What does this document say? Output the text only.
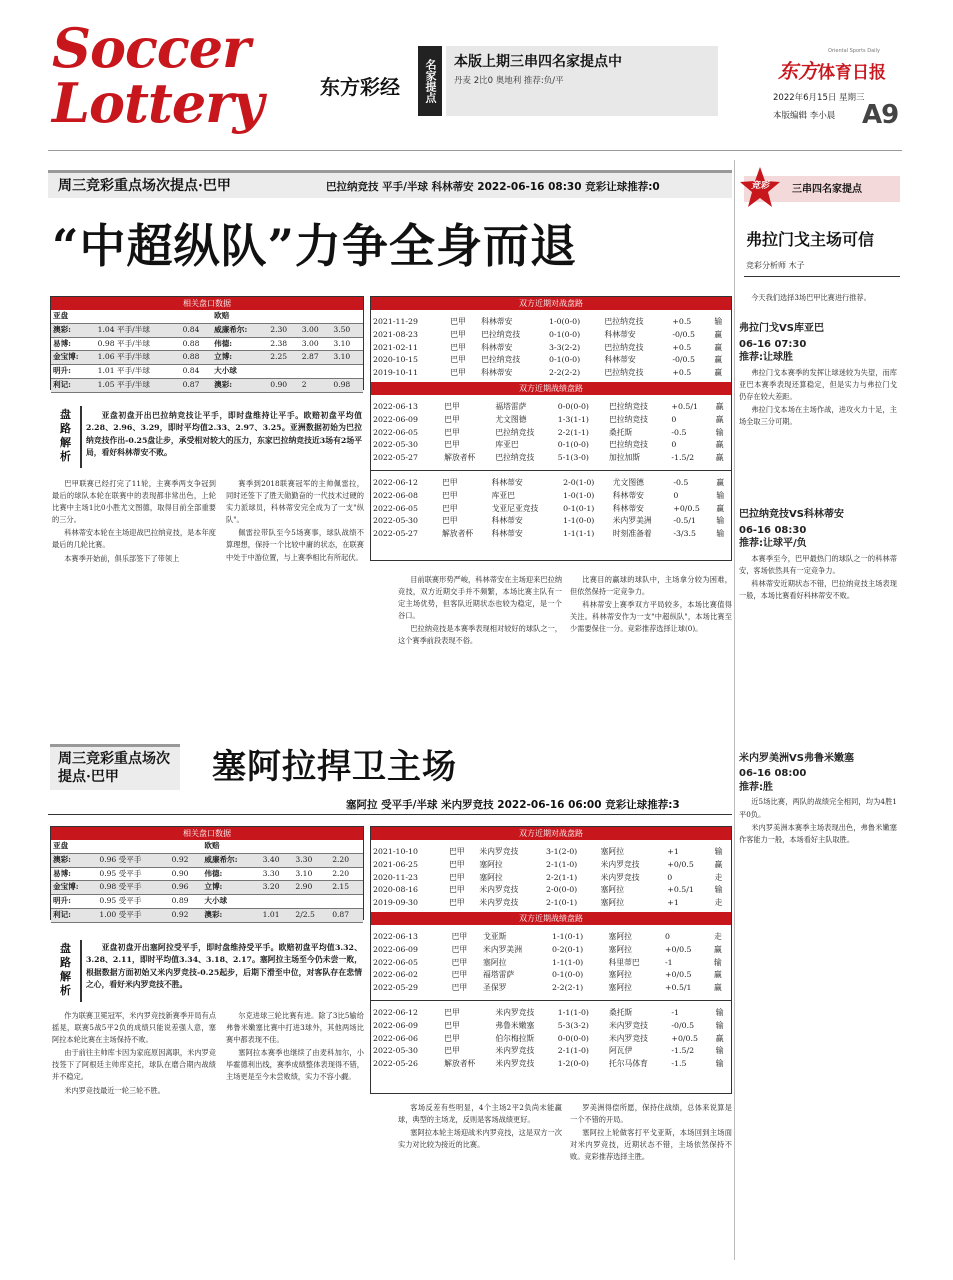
Soccer
Lottery	东方彩经	名家提点	本版上期三串四名家提点中
丹麦 2比0 奥地利 推荐:负/平	东方体育日报
Oriental Sports Daily
2022年6月15日 星期三
本版编辑 李小晨 A9
周三竞彩重点场次提点·巴甲	巴拉纳竞技 平手/半球 科林蒂安 2022-06-16 08:30 竞彩让球推荐:0
“中超纵队”力争全身而退
相关盘口数据
亚盘			欧赔			
澳彩:	1.04 平手/半球	0.84	威廉希尔:	2.30	3.00	3.50
易博:	0.98 平手/半球	0.88	伟德:	2.38	3.00	3.10
金宝博:	1.06 平手/半球	0.88	立博:	2.25	2.87	3.10
明升:	1.01 平手/半球	0.84	大小球			
利记:	1.05 平手/半球	0.87	澳彩:	0.90	2	0.98
双方近期对战盘路
2021-11-29	巴甲	科林蒂安	1-0(0-0)	巴拉纳竞技	+0.5	输
2021-08-23	巴甲	巴拉纳竞技	0-1(0-0)	科林蒂安	-0/0.5	赢
2021-02-11	巴甲	科林蒂安	3-3(2-2)	巴拉纳竞技	+0.5	赢
2020-10-15	巴甲	巴拉纳竞技	0-1(0-0)	科林蒂安	-0/0.5	赢
2019-10-11	巴甲	科林蒂安	2-2(2-2)	巴拉纳竞技	+0.5	赢
双方近期战绩盘路
2022-06-13	巴甲	福塔雷萨	0-0(0-0)	巴拉纳竞技	+0.5/1	赢
2022-06-09	巴甲	尤文图德	1-3(1-1)	巴拉纳竞技	0	赢
2022-06-05	巴甲	巴拉纳竞技	2-2(1-1)	桑托斯	-0.5	输
2022-05-30	巴甲	库亚巴	0-1(0-0)	巴拉纳竞技	0	赢
2022-05-27	解放者杯	巴拉纳竞技	5-1(3-0)	加拉加斯	-1.5/2	赢
2022-06-12	巴甲	科林蒂安	2-0(1-0)	尤文图德	-0.5	赢
2022-06-08	巴甲	库亚巴	1-0(1-0)	科林蒂安	0	输
2022-06-05	巴甲	戈亚尼亚竞技	0-1(0-1)	科林蒂安	+0/0.5	赢
2022-05-30	巴甲	科林蒂安	1-1(0-0)	米内罗美洲	-0.5/1	输
2022-05-27	解放者杯	科林蒂安	1-1(1-1)	时刻准备着	-3/3.5	输
盘路解析
亚盘初盘开出巴拉纳竞技让平手，即时盘维持让平手。欧赔初盘平均值2.28、2.96、3.29，即时平均值2.33、2.97、3.25。亚洲数据初始为巴拉纳竞技作出-0.25盘让步，承受相对较大的压力，东家巴拉纳竞技近3场有2场平局，看好科林蒂安不败。

巴甲联赛已经打完了11轮，主赛季两支争冠到最后的球队本轮在联赛中的表现都非常出色，上轮比赛中主场1比0小胜尤文图德，取得目前全部重要的三分。

科林蒂安本轮在主场迎战巴拉纳竞技，是本年度最后的几轮比赛。

本赛季开始前，俱乐部签下了带领上

赛季到2018联赛冠军的主帅佩雷拉，同时还签下了胜天勋勤奋的一代技术过硬的实力派球员，科林蒂安完全成为了一支"纵队"。

佩雷拉带队至今5场赛事，球队战绩不算理想，保持一个比较中庸的状态，在联赛中处于中游位置，与上赛季相比有所起伏。

目前联赛形势严峻，科林蒂安在主场迎来巴拉纳竞技，双方近期交手并不频繁，本场比赛主队有一定主场优势，但客队近期状态也较为稳定，是一个谷口。

巴拉纳竞技是本赛季表现相对较好的球队之一，这个赛季前段表现不俗。

比赛目的赢球的球队中，主场拿分较为困难，但依然保持一定竞争力。

科林蒂安上赛季双方平局较多，本场比赛值得关注。科林蒂安作为一支"中超纵队"，本场比赛至少需要保住一分。竞彩推荐选择让球(0)。

周三竞彩重点场次提点·巴甲	塞阿拉捍卫主场
塞阿拉 受平手/半球 米内罗竞技 2022-06-16 06:00 竞彩让球推荐:3
相关盘口数据
亚盘			欧赔			
澳彩:	0.96 受平手	0.92	威廉希尔:	3.40	3.30	2.20
易博:	0.95 受平手	0.90	伟德:	3.30	3.10	2.20
金宝博:	0.98 受平手	0.96	立博:	3.20	2.90	2.15
明升:	0.95 受平手	0.89	大小球			
利记:	1.00 受平手	0.92	澳彩:	1.01	2/2.5	0.87
双方近期对战盘路
2021-10-10	巴甲	米内罗竞技	3-1(2-0)	塞阿拉	+1	输
2021-06-25	巴甲	塞阿拉	2-1(1-0)	米内罗竞技	+0/0.5	赢
2020-11-23	巴甲	塞阿拉	2-2(1-1)	米内罗竞技	0	走
2020-08-16	巴甲	米内罗竞技	2-0(0-0)	塞阿拉	+0.5/1	输
2019-09-30	巴甲	米内罗竞技	2-1(0-1)	塞阿拉	+1	走
双方近期战绩盘路
2022-06-13	巴甲	戈亚斯	1-1(0-1)	塞阿拉	0	走
2022-06-09	巴甲	米内罗美洲	0-2(0-1)	塞阿拉	+0/0.5	赢
2022-06-05	巴甲	塞阿拉	1-1(1-0)	科里蒂巴	-1	输
2022-06-02	巴甲	福塔雷萨	0-1(0-0)	塞阿拉	+0/0.5	赢
2022-05-29	巴甲	圣保罗	2-2(2-1)	塞阿拉	+0.5/1	赢
2022-06-12	巴甲	米内罗竞技	1-1(1-0)	桑托斯	-1	输
2022-06-09	巴甲	弗鲁米嫩塞	5-3(3-2)	米内罗竞技	-0/0.5	输
2022-06-06	巴甲	伯尔梅拉斯	0-0(0-0)	米内罗竞技	+0/0.5	赢
2022-05-30	巴甲	米内罗竞技	2-1(1-0)	阿瓦伊	-1.5/2	输
2022-05-26	解放者杯	米内罗竞技	1-2(0-0)	托尔马体育	-1.5	输
盘路解析
亚盘初盘开出塞阿拉受平手，即时盘维持受平手。欧赔初盘平均值3.32、3.28、2.11，即时平均值3.34、3.18、2.17。塞阿拉主场至今仍未尝一败，根据数据方面初始又米内罗竞技-0.25起步，后期下滑至中位，对客队存在悲情之心，看好米内罗竞技不胜。

作为联赛卫冕冠军，米内罗竞技新赛季开局有点摇晃，联赛5战5平2负的成绩只能说差强人意，塞阿拉本轮比赛在主场保持不败。

由于前往主帅库卡因为家庭原因离职，米内罗竞技签下了阿根廷主帅库克托，球队在磨合期内战绩并不稳定。

米内罗竞技最近一轮三轮不胜。

尔克进球三轮比赛有进。除了3比5输给弗鲁米嫩塞比赛中打进3球外，其他两场比赛中都表现不佳。

塞阿拉本赛季也继续了由麦科加尔，小毕霍德利出线，赛季成绩整体表现得不错，主场更是至今未尝败绩，实力不容小觑。

客场反差有些明显，4个主场2平2负尚未能赢球，典型的主场龙，反则是客场战绩更好。

塞阿拉本轮主场迎战米内罗竞技，这是双方一次实力对比较为接近的比赛。

罗美洲得偿所愿，保持住战绩，总体来说算是一个不错的开局。

塞阿拉上轮做客打平戈亚斯，本场回到主场面对米内罗竞技，近期状态不错，主场依然保持不败。竞彩推荐选择主胜。

竞彩	三串四名家提点
弗拉门戈主场可信
竞彩分析师 木子

今天我们选择3场巴甲比赛进行推荐。

弗拉门戈VS库亚巴
06-16 07:30
推荐:让球胜

弗拉门戈本赛季的发挥让球迷较为失望，而库亚巴本赛季表现还算稳定，但是实力与弗拉门戈仍存在较大差距。

弗拉门戈本场在主场作战，进攻火力十足，主场全取三分可期。

巴拉纳竞技VS科林蒂安
06-16 08:30
推荐:让球平/负

本赛季至今，巴甲最热门的球队之一的科林蒂安，客场依然具有一定竞争力。

科林蒂安近期状态不错，巴拉纳竞技主场表现一般，本场比赛看好科林蒂安不败。

米内罗美洲VS弗鲁米嫩塞
06-16 08:00
推荐:胜

近5场比赛，两队的战绩完全相同，均为4胜1平0负。

米内罗美洲本赛季主场表现出色，弗鲁米嫩塞作客能力一般，本场看好主队取胜。
